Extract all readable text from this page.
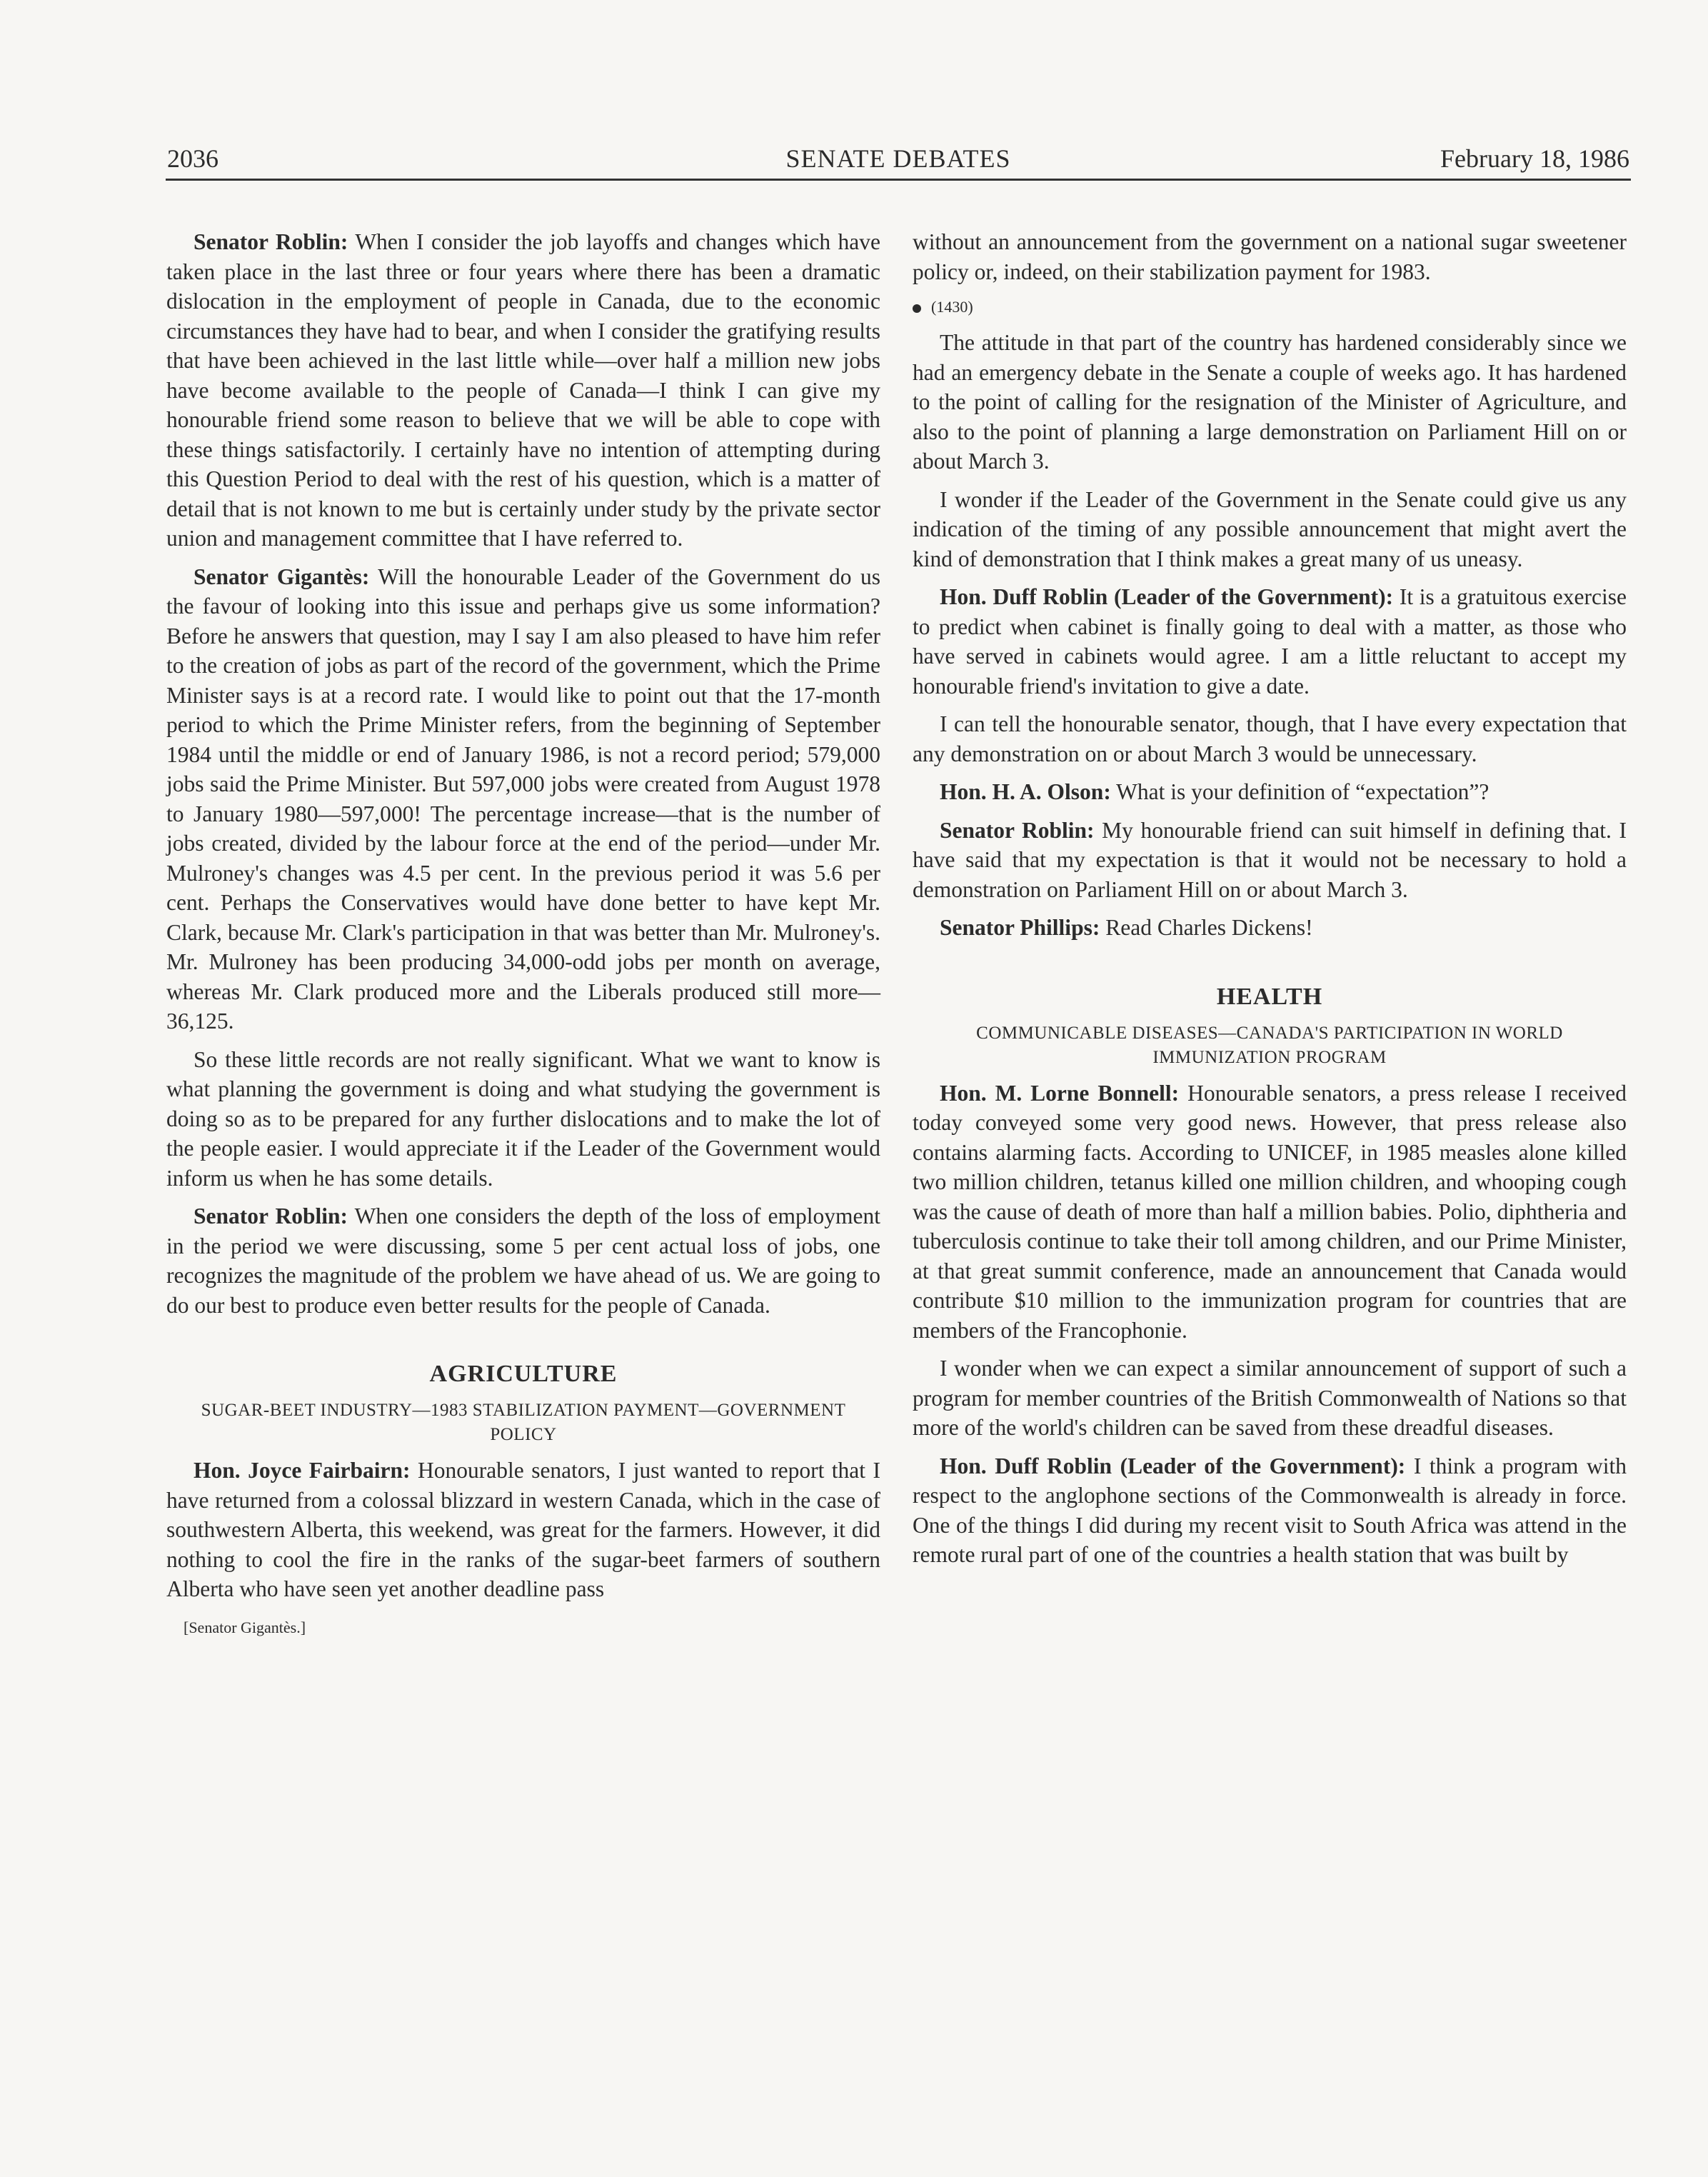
2036	SENATE DEBATES	February 18, 1986

Senator Roblin: When I consider the job layoffs and changes which have taken place in the last three or four years where there has been a dramatic dislocation in the employment of people in Canada, due to the economic circumstances they have had to bear, and when I consider the gratifying results that have been achieved in the last little while—over half a million new jobs have become available to the people of Canada—I think I can give my honourable friend some reason to believe that we will be able to cope with these things satisfactorily. I certainly have no intention of attempting during this Question Period to deal with the rest of his question, which is a matter of detail that is not known to me but is certainly under study by the private sector union and management committee that I have referred to.

Senator Gigantès: Will the honourable Leader of the Government do us the favour of looking into this issue and perhaps give us some information? Before he answers that question, may I say I am also pleased to have him refer to the creation of jobs as part of the record of the government, which the Prime Minister says is at a record rate. I would like to point out that the 17-month period to which the Prime Minister refers, from the beginning of September 1984 until the middle or end of January 1986, is not a record period; 579,000 jobs said the Prime Minister. But 597,000 jobs were created from August 1978 to January 1980—597,000! The percentage increase—that is the number of jobs created, divided by the labour force at the end of the period—under Mr. Mulroney's changes was 4.5 per cent. In the previous period it was 5.6 per cent. Perhaps the Conservatives would have done better to have kept Mr. Clark, because Mr. Clark's participation in that was better than Mr. Mulroney's. Mr. Mulroney has been producing 34,000-odd jobs per month on average, whereas Mr. Clark produced more and the Liberals produced still more—36,125.

So these little records are not really significant. What we want to know is what planning the government is doing and what studying the government is doing so as to be prepared for any further dislocations and to make the lot of the people easier. I would appreciate it if the Leader of the Government would inform us when he has some details.

Senator Roblin: When one considers the depth of the loss of employment in the period we were discussing, some 5 per cent actual loss of jobs, one recognizes the magnitude of the problem we have ahead of us. We are going to do our best to produce even better results for the people of Canada.

AGRICULTURE
SUGAR-BEET INDUSTRY—1983 STABILIZATION PAYMENT—GOVERNMENT POLICY

Hon. Joyce Fairbairn: Honourable senators, I just wanted to report that I have returned from a colossal blizzard in western Canada, which in the case of southwestern Alberta, this weekend, was great for the farmers. However, it did nothing to cool the fire in the ranks of the sugar-beet farmers of southern Alberta who have seen yet another deadline pass

[Senator Gigantès.]

without an announcement from the government on a national sugar sweetener policy or, indeed, on their stabilization payment for 1983.

(1430)

The attitude in that part of the country has hardened considerably since we had an emergency debate in the Senate a couple of weeks ago. It has hardened to the point of calling for the resignation of the Minister of Agriculture, and also to the point of planning a large demonstration on Parliament Hill on or about March 3.

I wonder if the Leader of the Government in the Senate could give us any indication of the timing of any possible announcement that might avert the kind of demonstration that I think makes a great many of us uneasy.

Hon. Duff Roblin (Leader of the Government): It is a gratuitous exercise to predict when cabinet is finally going to deal with a matter, as those who have served in cabinets would agree. I am a little reluctant to accept my honourable friend's invitation to give a date.

I can tell the honourable senator, though, that I have every expectation that any demonstration on or about March 3 would be unnecessary.

Hon. H. A. Olson: What is your definition of “expectation”?

Senator Roblin: My honourable friend can suit himself in defining that. I have said that my expectation is that it would not be necessary to hold a demonstration on Parliament Hill on or about March 3.

Senator Phillips: Read Charles Dickens!

HEALTH
COMMUNICABLE DISEASES—CANADA'S PARTICIPATION IN WORLD IMMUNIZATION PROGRAM

Hon. M. Lorne Bonnell: Honourable senators, a press release I received today conveyed some very good news. However, that press release also contains alarming facts. According to UNICEF, in 1985 measles alone killed two million children, tetanus killed one million children, and whooping cough was the cause of death of more than half a million babies. Polio, diphtheria and tuberculosis continue to take their toll among children, and our Prime Minister, at that great summit conference, made an announcement that Canada would contribute $10 million to the immunization program for countries that are members of the Francophonie.

I wonder when we can expect a similar announcement of support of such a program for member countries of the British Commonwealth of Nations so that more of the world's children can be saved from these dreadful diseases.

Hon. Duff Roblin (Leader of the Government): I think a program with respect to the anglophone sections of the Commonwealth is already in force. One of the things I did during my recent visit to South Africa was attend in the remote rural part of one of the countries a health station that was built by
